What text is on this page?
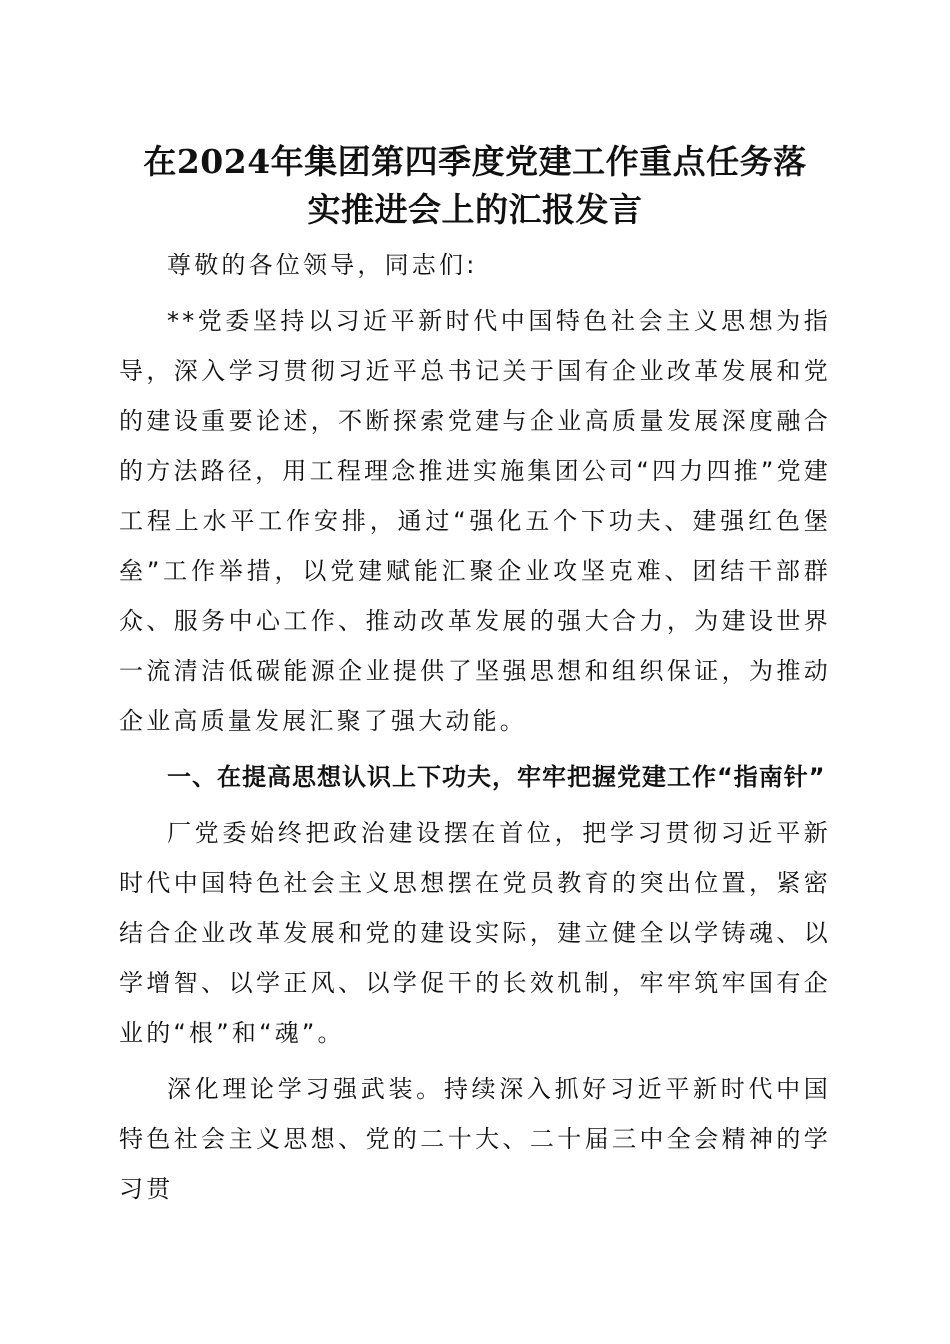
在2024年集团第四季度党建工作重点任务落
实推进会上的汇报发言

尊敬的各位领导，同志们:

**党委坚持以习近平新时代中国特色社会主义思想为指导，深入学习贯彻习近平总书记关于国有企业改革发展和党的建设重要论述，不断探索党建与企业高质量发展深度融合的方法路径，用工程理念推进实施集团公司“四力四推”党建工程上水平工作安排，通过“强化五个下功夫、建强红色堡垒”工作举措，以党建赋能汇聚企业攻坚克难、团结干部群众、服务中心工作、推动改革发展的强大合力，为建设世界一流清洁低碳能源企业提供了坚强思想和组织保证，为推动企业高质量发展汇聚了强大动能。

一、在提高思想认识上下功夫，牢牢把握党建工作“指南针”

厂党委始终把政治建设摆在首位，把学习贯彻习近平新时代中国特色社会主义思想摆在党员教育的突出位置，紧密结合企业改革发展和党的建设实际，建立健全以学铸魂、以学增智、以学正风、以学促干的长效机制，牢牢筑牢国有企业的“根”和“魂”。

深化理论学习强武装。持续深入抓好习近平新时代中国特色社会主义思想、党的二十大、二十届三中全会精神的学习贯
